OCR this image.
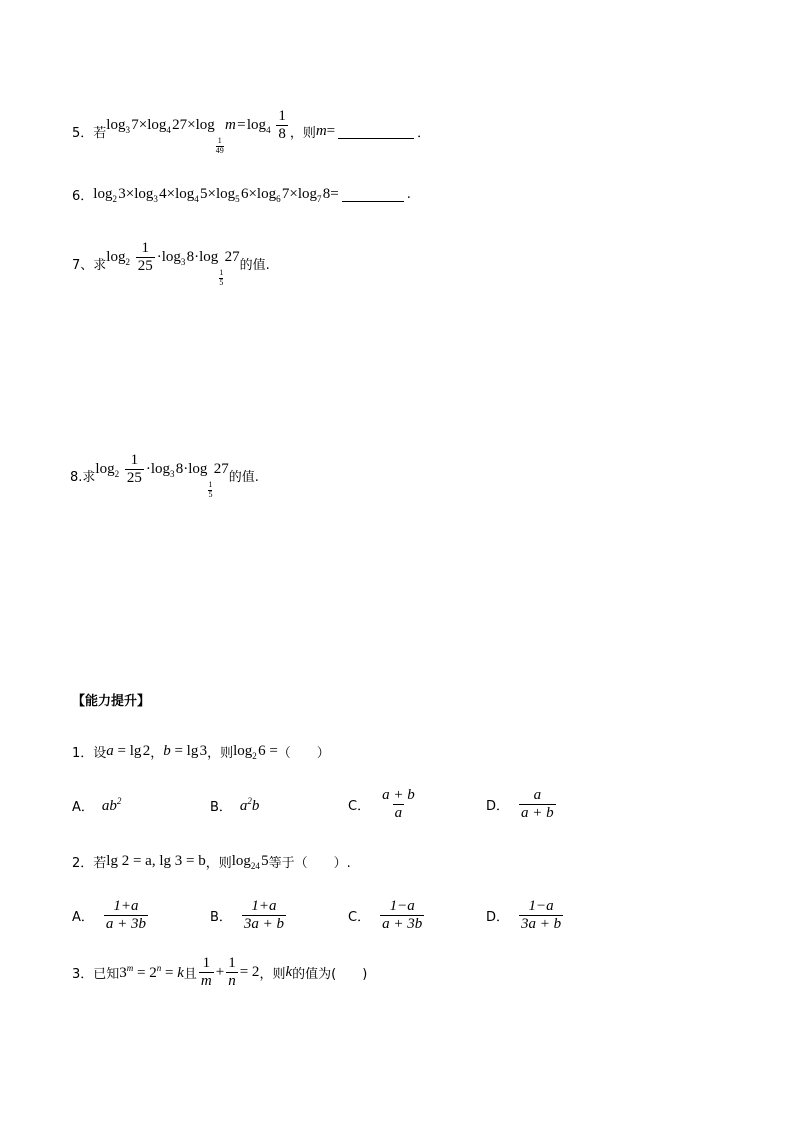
5． 若
$\log_3$ $7\times\log_4$ 27×log
$\frac{1}{49}$
 m = $\log_4 \frac{1}{8}$ ，则 m =	．
6． $\log_2$ $3\times\log_3$ $4\times\log_4$ $5\times\log_5$ $6\times\log_6$ $7\times\log_7$ 8 =	.
7、求
$\log_2 \frac{1}{25} \cdot\log_3$ 8·log
$\frac{1}{5}$
 27
的值.
8.求
$\log_2 \frac{1}{25} \cdot\log_3$ 8·log
$\frac{1}{5}$
 27
的值.
【能力提升】
1．设 a = lg 2 ， b = lg 3 ，则 $\log_2$ 6 = （　　）
A． $ab^2$	B． $a^2b$	C． $\frac{a + b}{a}$	D． $\frac{a}{a + b}$
2．若 lg 2 = a, lg 3 = b ，则 $\log_{24}$ 5 等于（　　）.
A． $\frac{1+a}{a + 3b}$	B． $\frac{1+a}{3a + b}$	C． $\frac{1-a}{a + 3b}$	D． $\frac{1-a}{3a + b}$
3．已知 $3^m = 2^n = k$ 且 $\frac{1}{m} + \frac{1}{n} = 2$ ，则 k 的值为(　　)
